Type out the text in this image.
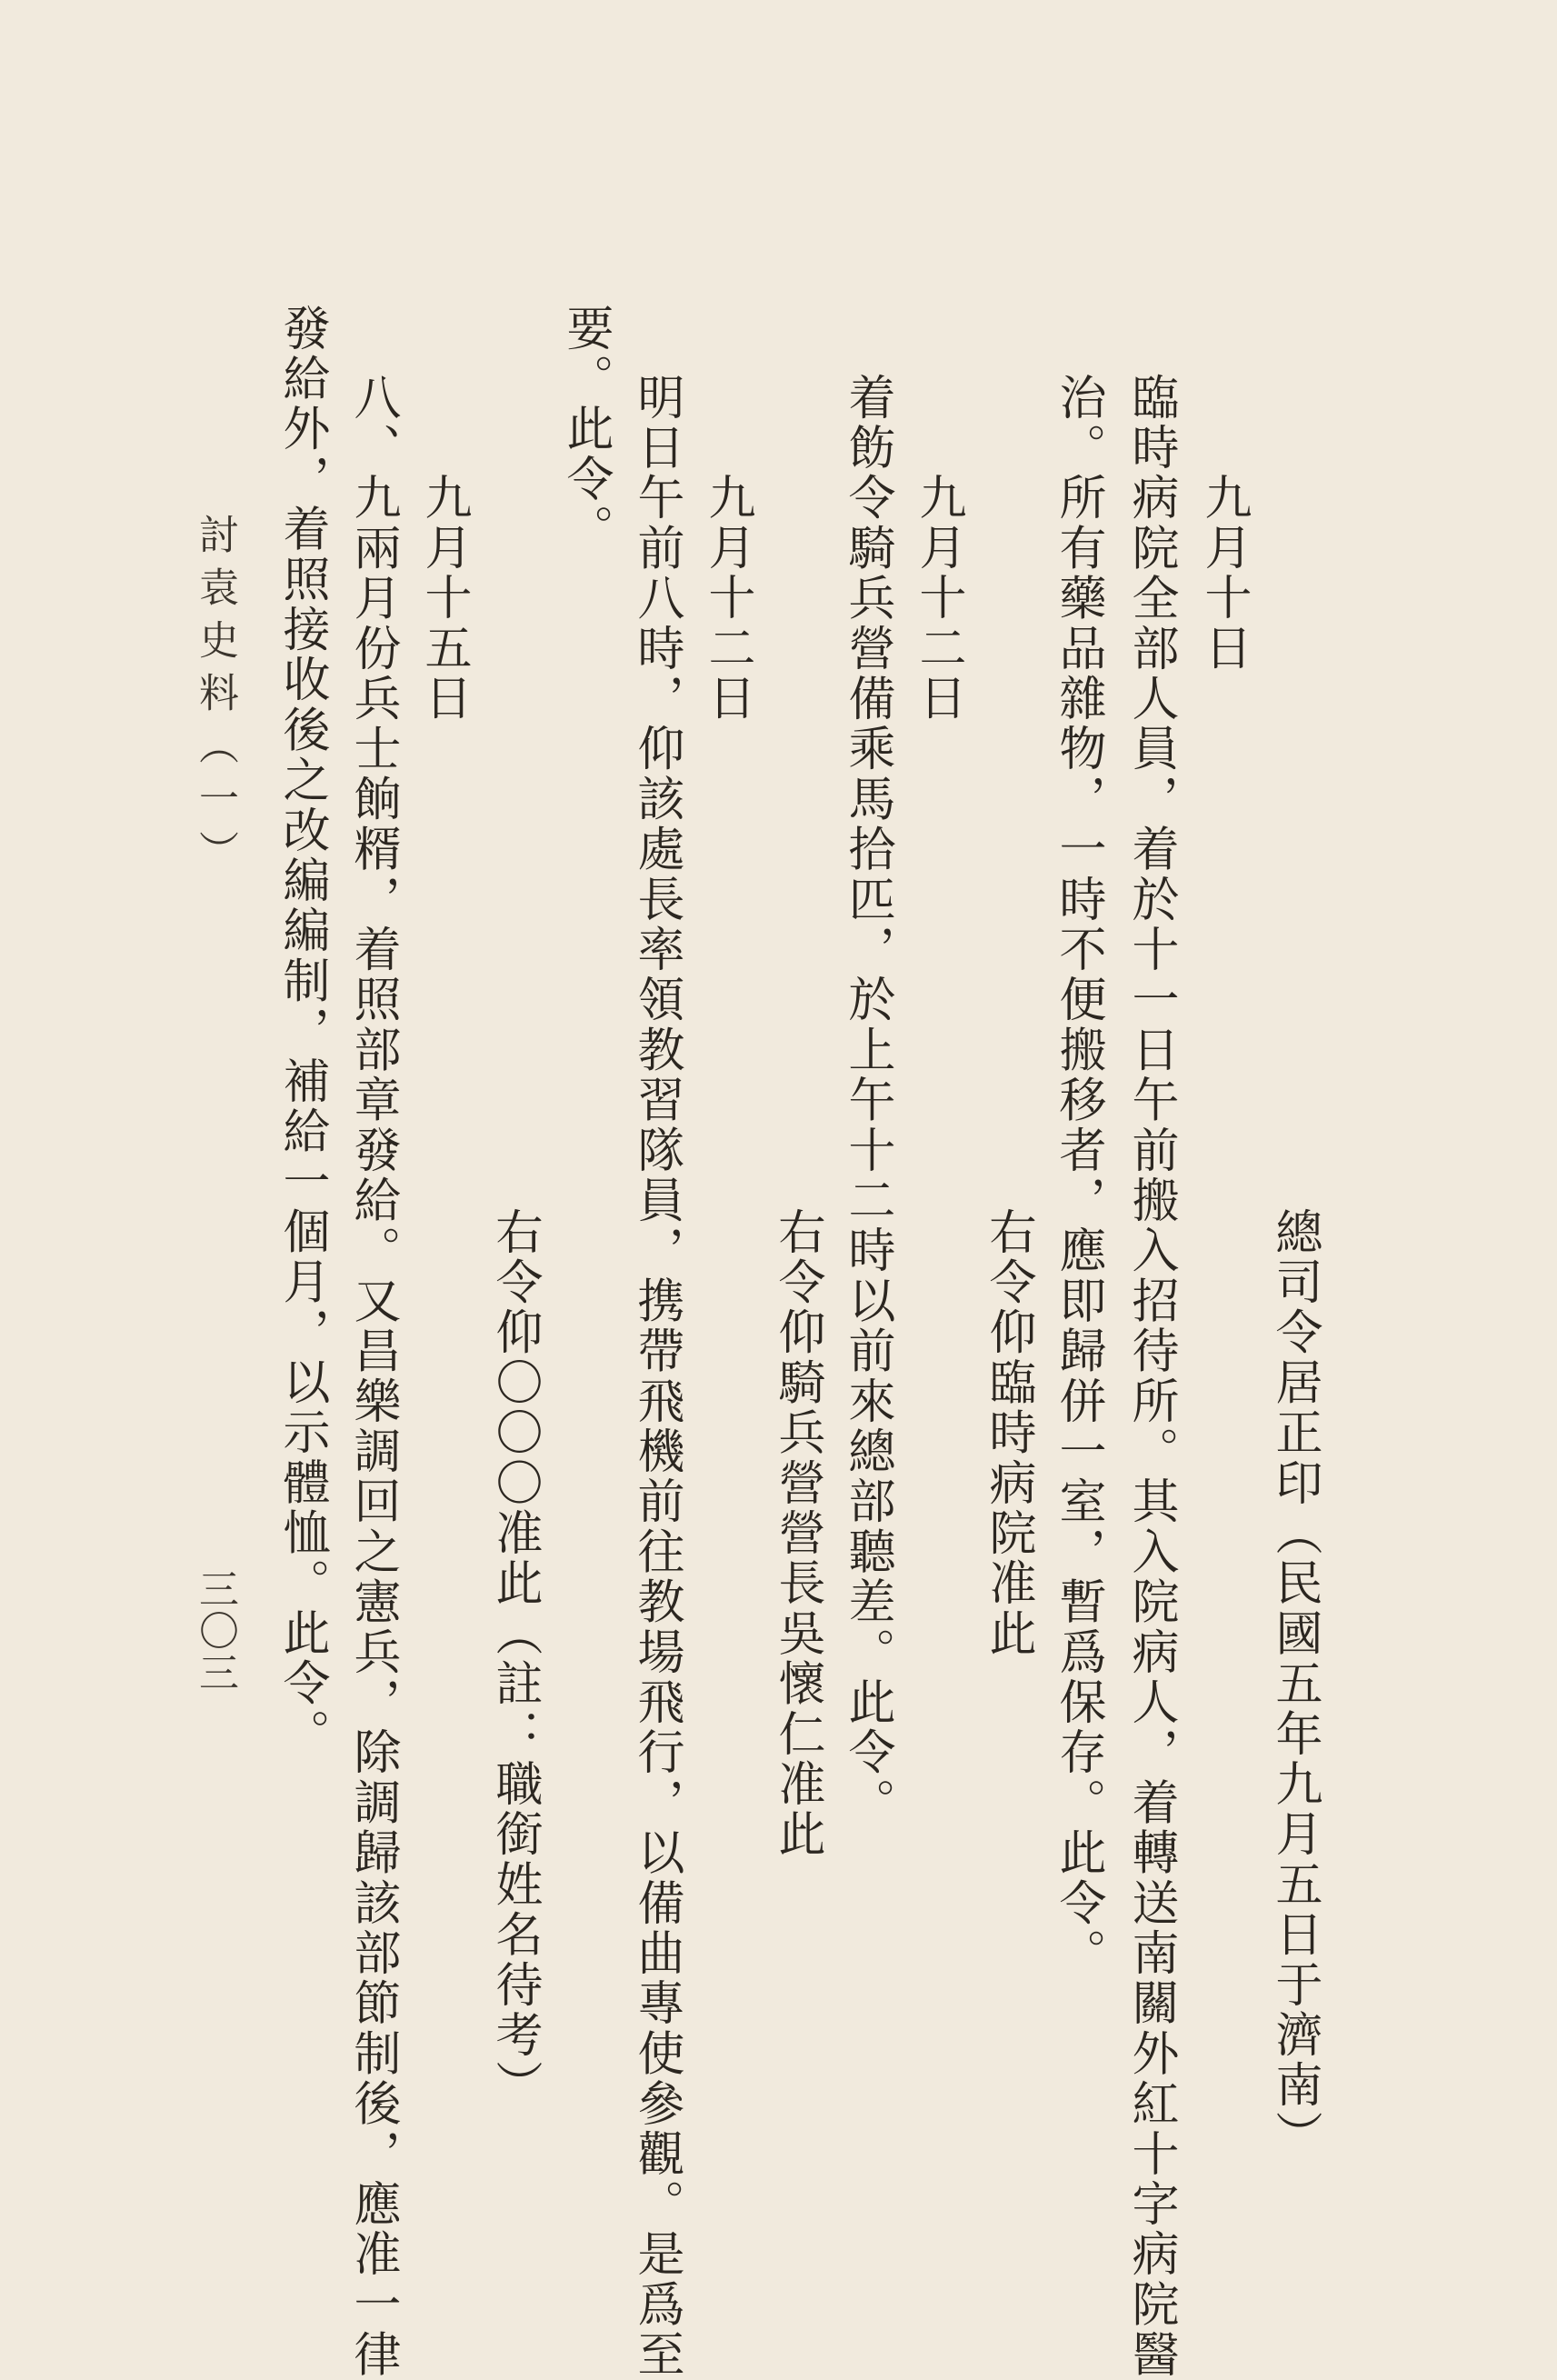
總司令居正印（民國五年九月五日于濟南）
九月十日
臨時病院全部人員，着於十一日午前搬入招待所。其入院病人，着轉送南關外紅十字病院醫
治。所有藥品雜物，一時不便搬移者，應即歸併一室，暫爲保存。此令。
右令仰臨時病院准此
九月十二日
着飭令騎兵營備乘馬拾匹，於上午十二時以前來總部聽差。此令。
右令仰騎兵營營長吳懷仁准此
九月十二日
明日午前八時，仰該處長率領教習隊員，携帶飛機前往教場飛行，以備曲專使參觀。是爲至
要。此令。
右令仰〇〇〇准此（註：職銜姓名待考）
九月十五日
八、九兩月份兵士餉糈，着照部章發給。又昌樂調回之憲兵，除調歸該部節制後，應准一律
發給外，着照接收後之改編編制，補給一個月，以示體恤。此令。
討袁史料（一）
三〇三
